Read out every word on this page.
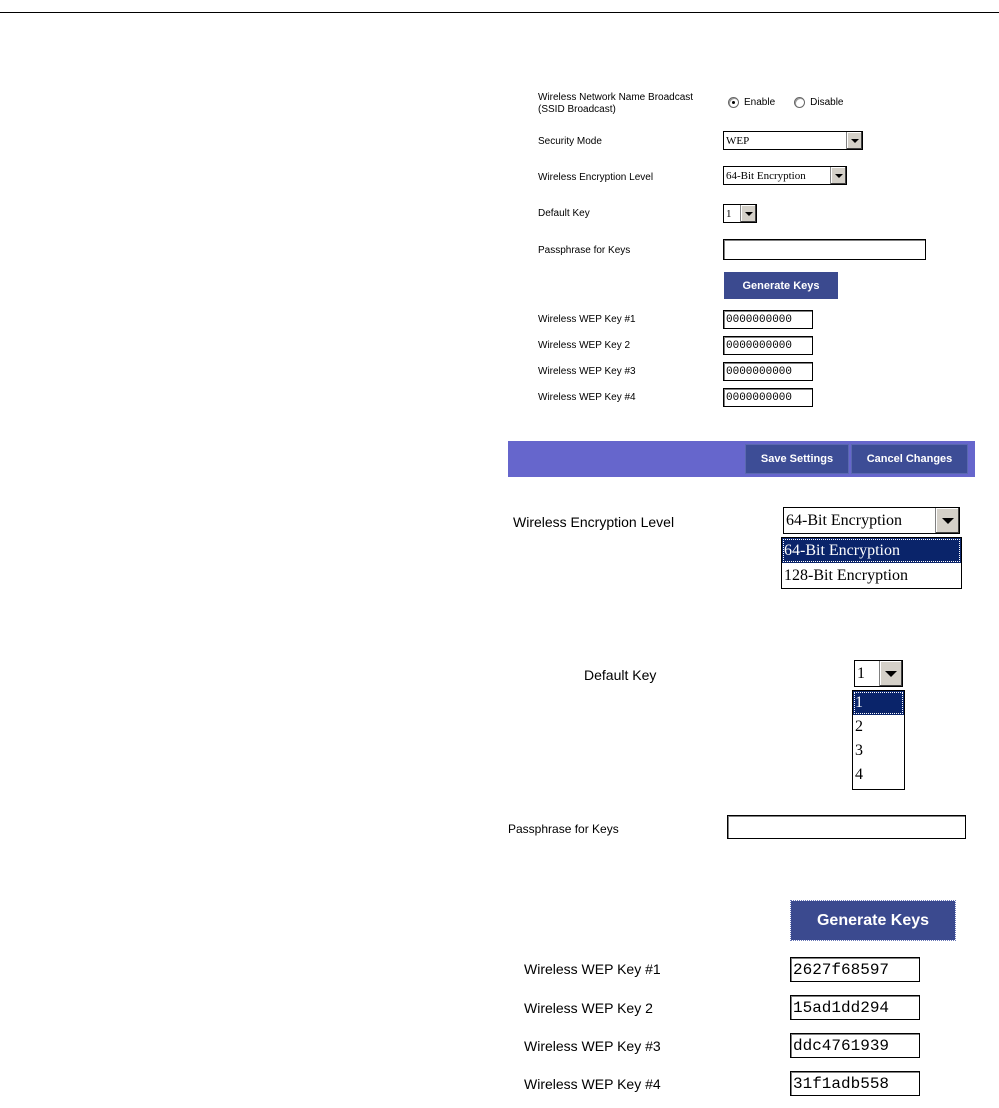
Wireless Network Name Broadcast
(SSID Broadcast)
Enable	Disable
Security Mode	WEP
Wireless Encryption Level	64-Bit Encryption
Default Key	1
Passphrase for Keys
Generate Keys
Wireless WEP Key #1	0000000000
Wireless WEP Key 2	0000000000
Wireless WEP Key #3	0000000000
Wireless WEP Key #4	0000000000
Save Settings	Cancel Changes
Wireless Encryption Level	64-Bit Encryption
64-Bit Encryption
128-Bit Encryption
Default Key	1
1
2
3
4
Passphrase for Keys
Generate Keys
Wireless WEP Key #1	2627f68597
Wireless WEP Key 2	15ad1dd294
Wireless WEP Key #3	ddc4761939
Wireless WEP Key #4	31f1adb558
